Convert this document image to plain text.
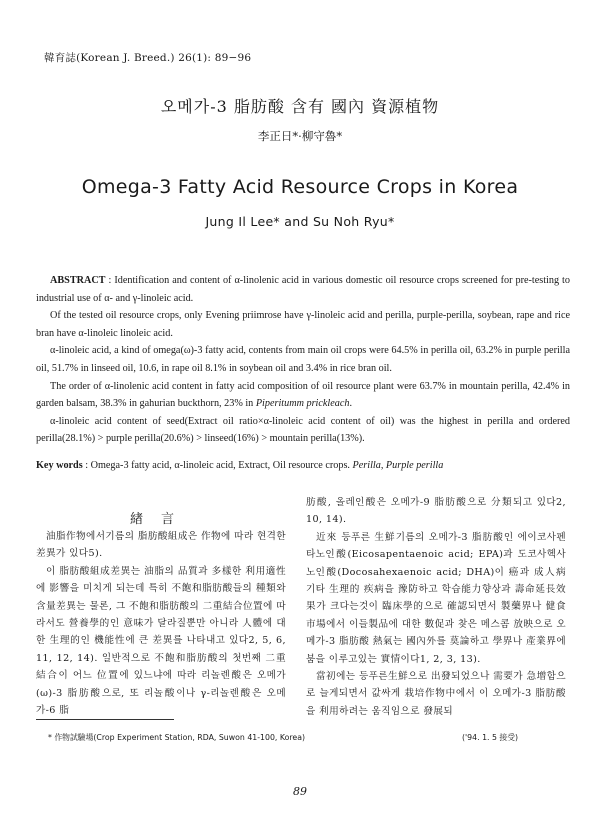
韓育誌(Korean J. Breed.) 26(1): 89−96
오메가-3 脂肪酸 含有 國內 資源植物
李正日*·柳守魯*
Omega-3 Fatty Acid Resource Crops in Korea
Jung Il Lee* and Su Noh Ryu*

ABSTRACT : Identification and content of α-linolenic acid in various domestic oil resource crops screened for pre-testing to industrial use of α- and γ-linoleic acid.

Of the tested oil resource crops, only Evening priimrose have γ-linoleic acid and perilla, purple-perilla, soybean, rape and rice bran have α-linoleic linoleic acid.

α-linoleic acid, a kind of omega(ω)-3 fatty acid, contents from main oil crops were 64.5% in perilla oil, 63.2% in purple perilla oil, 51.7% in linseed oil, 10.6, in rape oil 8.1% in soybean oil and 3.4% in rice bran oil.

The order of α-linolenic acid content in fatty acid composition of oil resource plant were 63.7% in mountain perilla, 42.4% in garden balsam, 38.3% in gahurian buckthorn, 23% in Piperitumm prickleach.

α-linoleic acid content of seed(Extract oil ratio×α-linoleic acid content of oil) was the highest in perilla and ordered perilla(28.1%) > purple perilla(20.6%) > linseed(16%) > mountain perilla(13%).

Key words : Omega-3 fatty acid, α-linoleic acid, Extract, Oil resource crops. Perilla, Purple perilla
緖言

油脂作物에서기름의 脂肪酸組成은 作物에 따라 현격한 差異가 있다5).

이 脂肪酸組成差異는 油脂의 品質과 多樣한 利用適性에 影響을 미치게 되는데 특히 不飽和脂肪酸들의 種類와 含量差異는 물론, 그 不飽和脂肪酸의 二重結合位置에 따라서도 營養學的인 意味가 달라질뿐만 아니라 人體에 대한 生理的인 機能性에 큰 差異를 나타내고 있다2, 5, 6, 11, 12, 14). 일반적으로 不飽和脂肪酸의 첫번째 二重結合이 어느 位置에 있느냐에 따라 리놀렌酸은 오메가(ω)-3 脂肪酸으로, 또 리놀酸이나 γ-리놀렌酸은 오메가-6 脂

肪酸, 올레인酸은 오메가-9 脂肪酸으로 分類되고 있다2, 10, 14).

近來 등푸른 生鮮기름의 오메가-3 脂肪酸인 에이코사펜타노인酸(Eicosapentaenoic acid; EPA)과 도코사헥사노인酸(Docosahexaenoic acid; DHA)이 癌과 成人病 기타 生理的 疾病을 豫防하고 학습能力향상과 壽命延長效果가 크다는것이 臨床學的으로 確認되면서 製藥界나 健食市場에서 이들製品에 대한 數促과 찾은 메스콤 放映으로 오메가-3 脂肪酸 熱氣는 國內外를 莫論하고 學界나 產業界에 붐을 이루고있는 實情이다1, 2, 3, 13).

當初에는 등푸른生鮮으로 出發되었으나 需要가 急增함으로 늘게되면서 값싸게 栽培作物中에서 이 오메가-3 脂肪酸을 利用하려는 움직임으로 發展되

* 作物試驗場(Crop Experiment Station, RDA, Suwon 41-100, Korea)	('94. 1. 5 接受)
89
